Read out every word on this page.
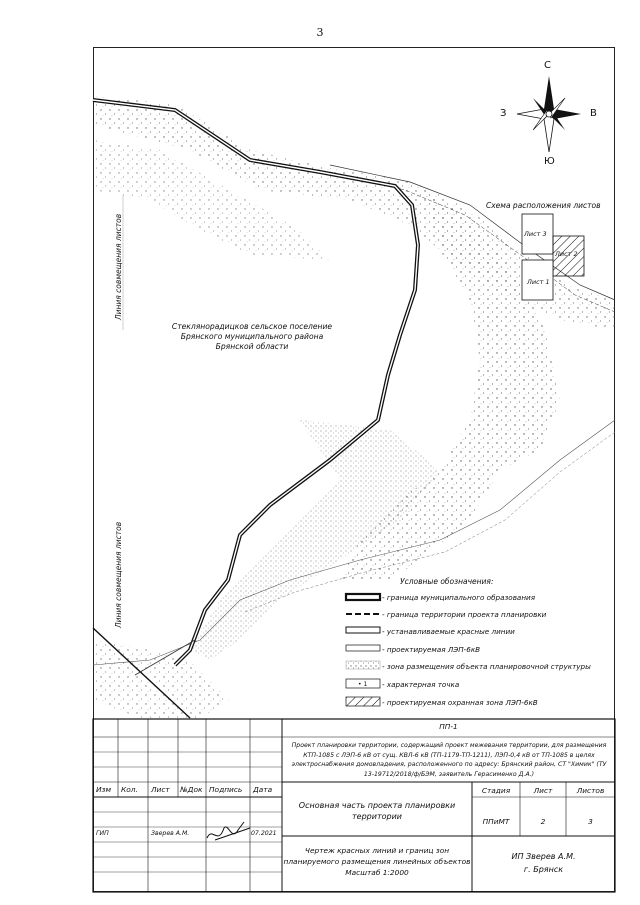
3
С
Ю
З	В
Линия совмещения листов
Линия совмещения листов
Стеклянорадицков сельское поселение
Брянского муниципального района
Брянской области
Схема расположения листов
Лист 3
Лист 2
Лист 1
Условные обозначения:
- граница муниципального образования
- граница территории проекта планировки
- устанавливаемые красные линии
- проектируемая ЛЭП-6кВ
- зона размещения объекта планировочной структуры
• 1 - характерная точка
- проектируемая охранная зона ЛЭП-6кВ
ПП-1
Проект планировки территории, содержащий проект межевания территории, для размещения
КТП-1085 с ЛЭП-6 кВ от сущ. КВЛ-6 кВ (ТП-1179-ТП-1211), ЛЭП-0,4 кВ от ТП-1085 в целях
электроснабжения домовладения, расположенного по адресу: Брянский район, СТ "Химик" (ТУ
13-19712/2018/ф/БЭМ, заявитель Герасименко Д.А.)
Изм Кол. Лист №Док Подпись Дата
ГИП	Зверев А.М.	07.2021
Основная часть проекта планировки
территории
Стадия	Лист	Листов
ППиМТ	2	3
Чертеж красных линий и границ зон
планируемого размещения линейных объектов
Масштаб 1:2000
ИП Зверев А.М.
г. Брянск
